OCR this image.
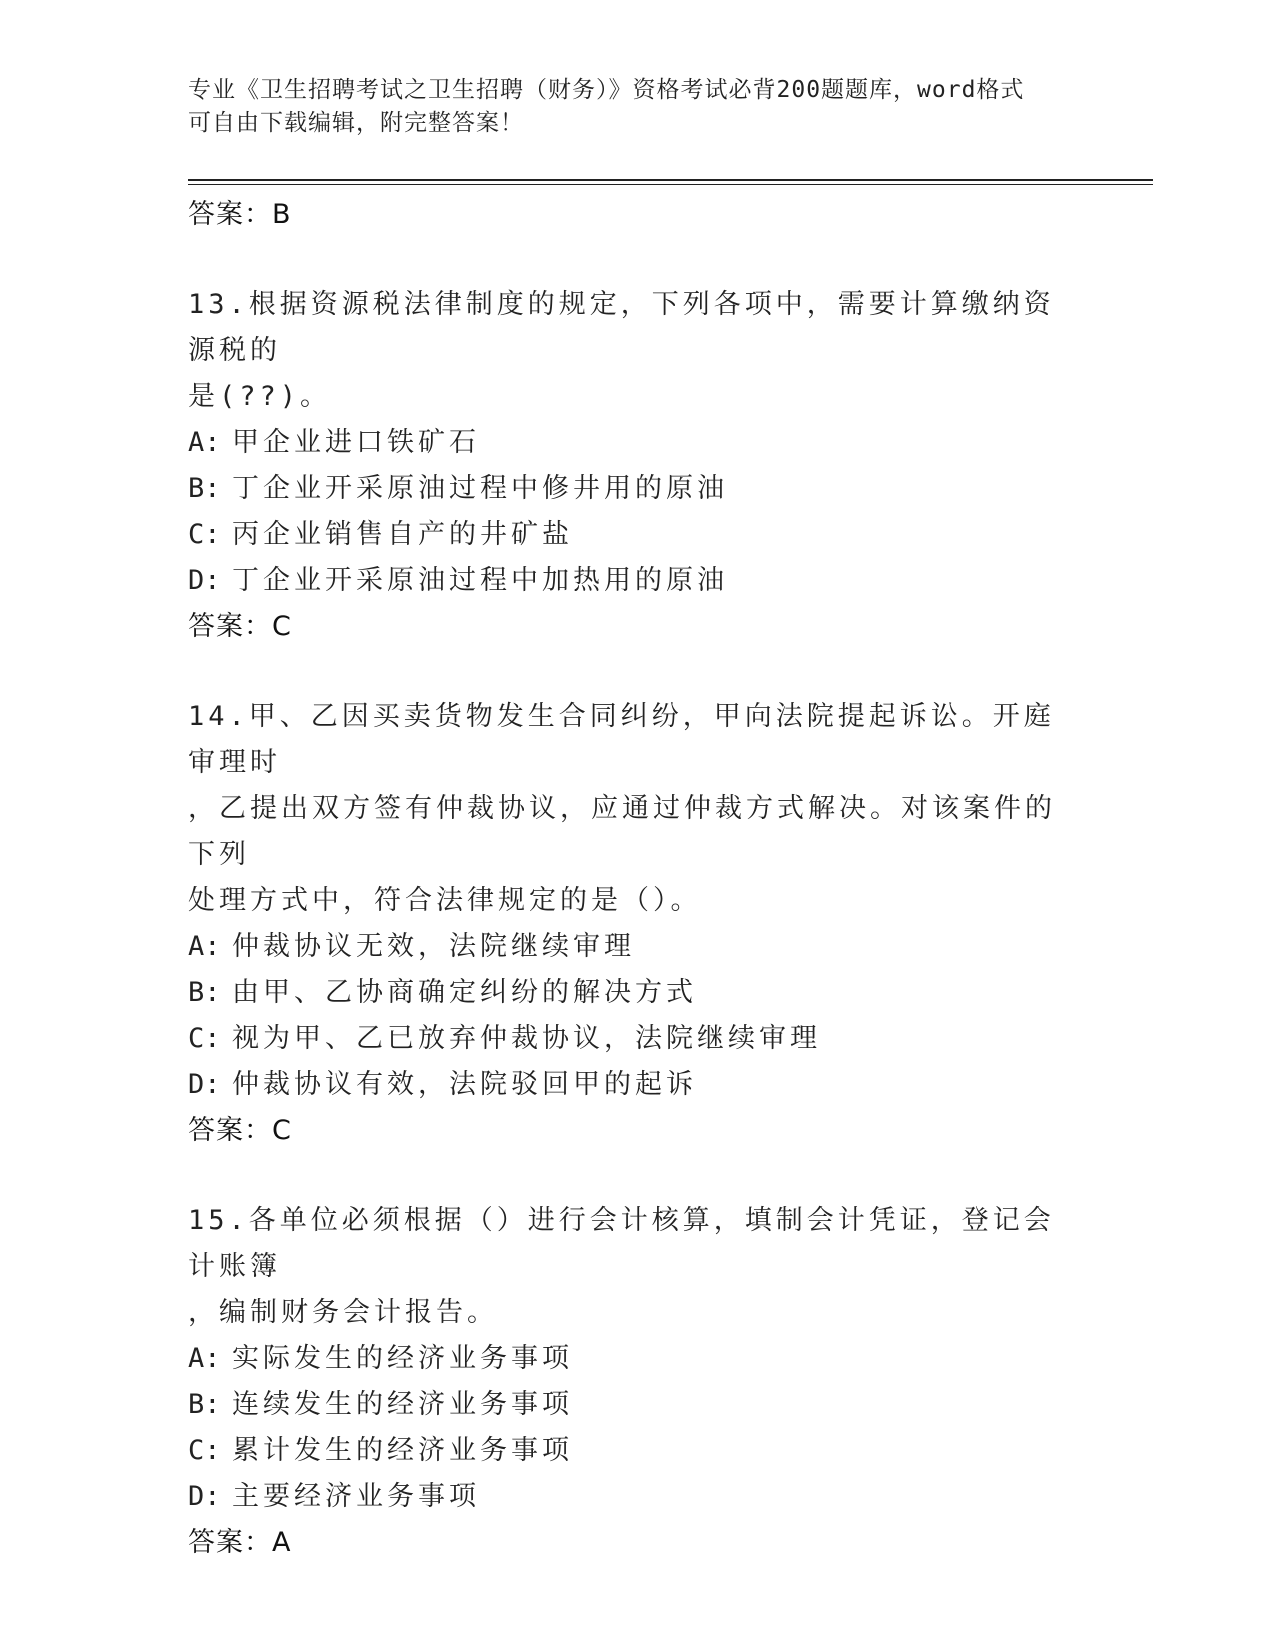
专业《卫生招聘考试之卫生招聘（财务）》资格考试必背200题题库，word格式
可自由下载编辑，附完整答案！
答案：B
13.根据资源税法律制度的规定，下列各项中，需要计算缴纳资源税的
是(??)。
A: 甲企业进口铁矿石
B: 丁企业开采原油过程中修井用的原油
C: 丙企业销售自产的井矿盐
D: 丁企业开采原油过程中加热用的原油
答案：C
14.甲、乙因买卖货物发生合同纠纷，甲向法院提起诉讼。开庭审理时
，乙提出双方签有仲裁协议，应通过仲裁方式解决。对该案件的下列
处理方式中，符合法律规定的是（）。
A: 仲裁协议无效，法院继续审理
B: 由甲、乙协商确定纠纷的解决方式
C: 视为甲、乙已放弃仲裁协议，法院继续审理
D: 仲裁协议有效，法院驳回甲的起诉
答案：C
15.各单位必须根据（）进行会计核算，填制会计凭证，登记会计账簿
，编制财务会计报告。
A: 实际发生的经济业务事项
B: 连续发生的经济业务事项
C: 累计发生的经济业务事项
D: 主要经济业务事项
答案：A
